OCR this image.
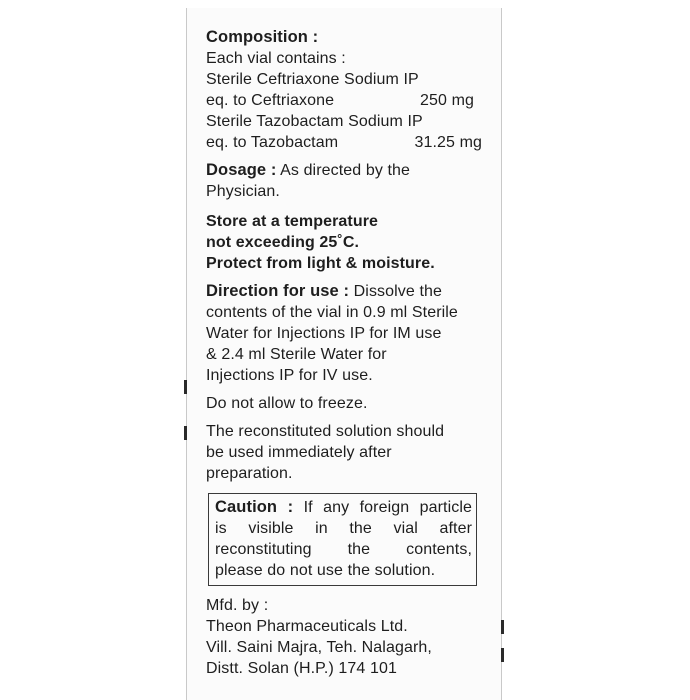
Composition :
Each vial contains :
Sterile Ceftriaxone Sodium IP
eq. to Ceftriaxone	250 mg
Sterile Tazobactam Sodium IP
eq. to Tazobactam	31.25 mg
Dosage : As directed by the
Physician.
Store at a temperature
not exceeding 25˚C.
Protect from light & moisture.
Direction for use : Dissolve the
contents of the vial in 0.9 ml Sterile
Water for Injections IP for IM use
& 2.4 ml Sterile Water for
Injections IP for IV use.
Do not allow to freeze.
The reconstituted solution should
be used immediately after
preparation.
Caution : If any foreign particle
is visible in the vial after
reconstituting the contents,
please do not use the solution.
Mfd. by :
Theon Pharmaceuticals Ltd.
Vill. Saini Majra, Teh. Nalagarh,
Distt. Solan (H.P.) 174 101
